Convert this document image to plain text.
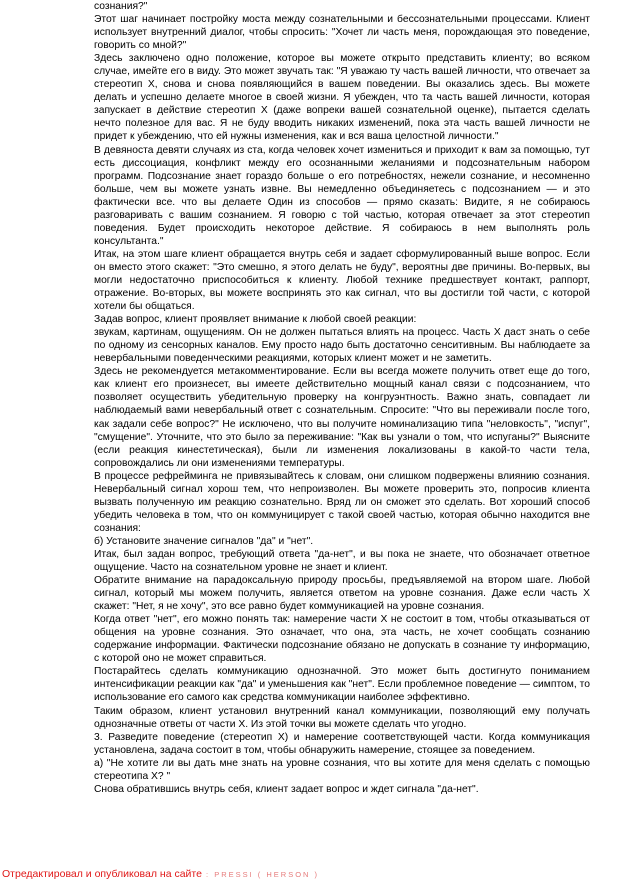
сознания?"

Этот шаг начинает постройку моста между сознательными и бессознательными процессами. Клиент использует внутренний диалог, чтобы спросить: "Хочет ли часть меня, порождающая это поведение, говорить со мной?"

Здесь заключено одно положение, которое вы можете открыто представить клиенту; во всяком случае, имейте его в виду. Это может звучать так: "Я уважаю ту часть вашей личности, что отвечает за стереотип X, снова и снова появляющийся в вашем поведении. Вы оказались здесь. Вы можете делать и успешно делаете многое в своей жизни. Я убежден, что та часть вашей личности, которая запускает в действие стереотип X (даже вопреки вашей сознательной оценке), пытается сделать нечто полезное для вас. Я не буду вводить никаких изменений, пока эта часть вашей личности не придет к убеждению, что ей нужны изменения, как и вся ваша целостной личности."

В девяноста девяти случаях из ста, когда человек хочет измениться и приходит к вам за помощью, тут есть диссоциация, конфликт между его осознанными желаниями и подсознательным набором программ. Подсознание знает гораздо больше о его потребностях, нежели сознание, и несомненно больше, чем вы можете узнать извне. Вы немедленно объединяетесь с подсознанием — и это фактически все. что вы делаете Один из способов — прямо сказать: Видите, я не собираюсь разговаривать с вашим сознанием. Я говорю с той частью, которая отвечает за этот стереотип поведения. Будет происходить некоторое действие. Я собираюсь в нем выполнять роль консультанта."

Итак, на этом шаге клиент обращается внутрь себя и задает сформулированный выше вопрос. Если он вместо этого скажет: "Это смешно, я этого делать не буду", вероятны две причины. Во-первых, вы могли недостаточно приспособиться к клиенту. Любой технике предшествует контакт, раппорт, отражение. Во-вторых, вы можете воспринять это как сигнал, что вы достигли той части, с которой хотели бы общаться.

Задав вопрос, клиент проявляет внимание к любой своей реакции:

звукам, картинам, ощущениям. Он не должен пытаться влиять на процесс. Часть X даст знать о себе по одному из сенсорных каналов. Ему просто надо быть достаточно сенситивным. Вы наблюдаете за невербальными поведенческими реакциями, которых клиент может и не заметить.

Здесь не рекомендуется метакомментирование. Если вы всегда можете получить ответ еще до того, как клиент его произнесет, вы имеете действительно мощный канал связи с подсознанием, что позволяет осуществить убедительную проверку на конгруэнтность. Важно знать, совпадает ли наблюдаемый вами невербальный ответ с сознательным. Спросите: "Что вы переживали после того, как задали себе вопрос?" Не исключено, что вы получите номинализацию типа "неловкость", "испуг", "смущение". Уточните, что это было за переживание: "Как вы узнали о том, что испуганы?" Выясните (если реакция кинестетическая), были ли изменения локализованы в какой-то части тела, сопровождались ли они изменениями температуры.

В процессе рефрейминга не привязывайтесь к словам, они слишком подвержены влиянию сознания. Невербальный сигнал хорош тем, что непроизволен. Вы можете проверить это, попросив клиента вызвать полученную им реакцию сознательно. Вряд ли он сможет это сделать. Вот хороший способ убедить человека в том, что он коммуницирует с такой своей частью, которая обычно находится вне сознания:

б) Установите значение сигналов "да" и "нет".

Итак, был задан вопрос, требующий ответа "да-нет", и вы пока не знаете, что обозначает ответное ощущение. Часто на сознательном уровне не знает и клиент.

Обратите внимание на парадоксальную природу просьбы, предъявляемой на втором шаге. Любой сигнал, который мы можем получить, является ответом на уровне сознания. Даже если часть X скажет: "Нет, я не хочу", это все равно будет коммуникацией на уровне сознания.

Когда ответ "нет", его можно понять так: намерение части X не состоит в том, чтобы отказываться от общения на уровне сознания. Это означает, что она, эта часть, не хочет сообщать сознанию содержание информации. Фактически подсознание обязано не допускать в сознание ту информацию, с которой оно не может справиться.

Постарайтесь сделать коммуникацию однозначной. Это может быть достигнуто пониманием интенсификации реакции как "да" и уменьшения как "нет". Если проблемное поведение — симптом, то использование его самого как средства коммуникации наиболее эффективно.

Таким образом, клиент установил внутренний канал коммуникации, позволяющий ему получать однозначные ответы от части X. Из этой точки вы можете сделать что угодно.

3. Разведите поведение (стереотип X) и намерение соответствующей части. Когда коммуникация установлена, задача состоит в том, чтобы обнаружить намерение, стоящее за поведением.

а) "Не хотите ли вы дать мне знать на уровне сознания, что вы хотите для меня сделать с помощью стереотипа X? "

Снова обратившись внутрь себя, клиент задает вопрос и ждет сигнала "да-нет".

Отредактировал и опубликовал на сайте : PRESSI ( HERSON )
